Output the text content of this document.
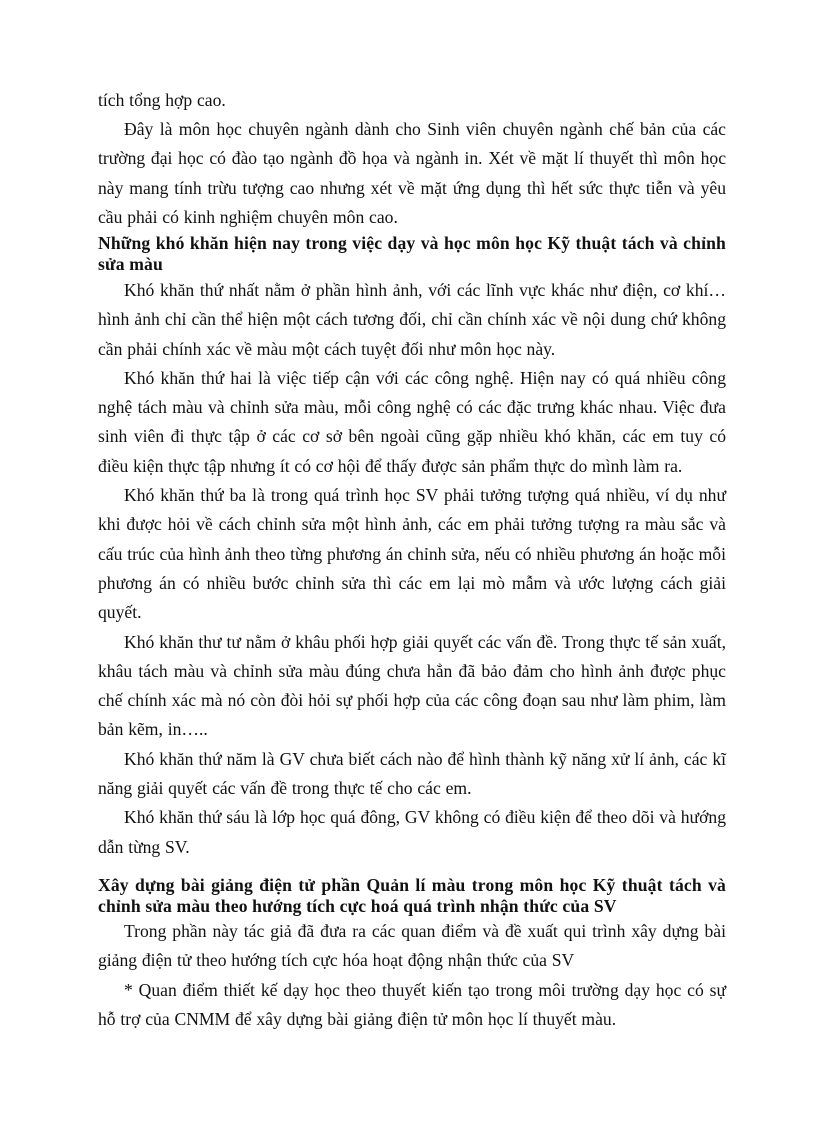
tích tổng hợp cao.

Đây là môn học chuyên ngành dành cho Sinh viên chuyên ngành chế bản của các trường đại học có đào tạo ngành đồ họa và ngành in. Xét về mặt lí thuyết thì môn học này mang tính trừu tượng cao nhưng xét về mặt ứng dụng thì hết sức thực tiễn và yêu cầu phải có kinh nghiệm chuyên môn cao.

Những khó khăn hiện nay trong việc dạy và học môn học Kỹ thuật tách và chỉnh sửa màu

Khó khăn thứ nhất nằm ở phần hình ảnh, với các lĩnh vực khác như điện, cơ khí…hình ảnh chỉ cần thể hiện một cách tương đối, chỉ cần chính xác về nội dung chứ không cần phải chính xác về màu một cách tuyệt đối như môn học này.

Khó khăn thứ hai là việc tiếp cận với các công nghệ. Hiện nay có quá nhiều công nghệ tách màu và chỉnh sửa màu, mỗi công nghệ có các đặc trưng khác nhau. Việc đưa sinh viên đi thực tập ở các cơ sở bên ngoài cũng gặp nhiều khó khăn, các em tuy có điều kiện thực tập nhưng ít có cơ hội để thấy được sản phẩm thực do mình làm ra.

Khó khăn thứ ba là trong quá trình học SV phải tưởng tượng quá nhiều, ví dụ như khi được hỏi về cách chỉnh sửa một hình ảnh, các em phải tưởng tượng ra màu sắc và cấu trúc của hình ảnh theo từng phương án chỉnh sửa, nếu có nhiều phương án hoặc mỗi phương án có nhiều bước chỉnh sửa thì các em lại mò mẫm và ước lượng cách giải quyết.

Khó khăn thư tư nằm ở khâu phối hợp giải quyết các vấn đề. Trong thực tế sản xuất, khâu tách màu và chỉnh sửa màu đúng chưa hẳn đã bảo đảm cho hình ảnh được phục chế chính xác mà nó còn đòi hỏi sự phối hợp của các công đoạn sau như làm phim, làm bản kẽm, in…..

Khó khăn thứ năm là GV chưa biết cách nào để hình thành kỹ năng xử lí ảnh, các kĩ năng giải quyết các vấn đề trong thực tế cho các em.

Khó khăn thứ sáu là lớp học quá đông, GV không có điều kiện để theo dõi và hướng dẫn từng SV.

Xây dựng bài giảng điện tử phần Quản lí màu trong môn học Kỹ thuật tách và chỉnh sửa màu theo hướng tích cực hoá quá trình nhận thức của SV

Trong phần này tác giả đã đưa ra các quan điểm và đề xuất qui trình xây dựng bài giảng điện tử theo hướng tích cực hóa hoạt động nhận thức của SV

* Quan điểm thiết kế dạy học theo thuyết kiến tạo trong môi trường dạy học có sự hỗ trợ của CNMM để xây dựng bài giảng điện tử môn học lí thuyết màu.
